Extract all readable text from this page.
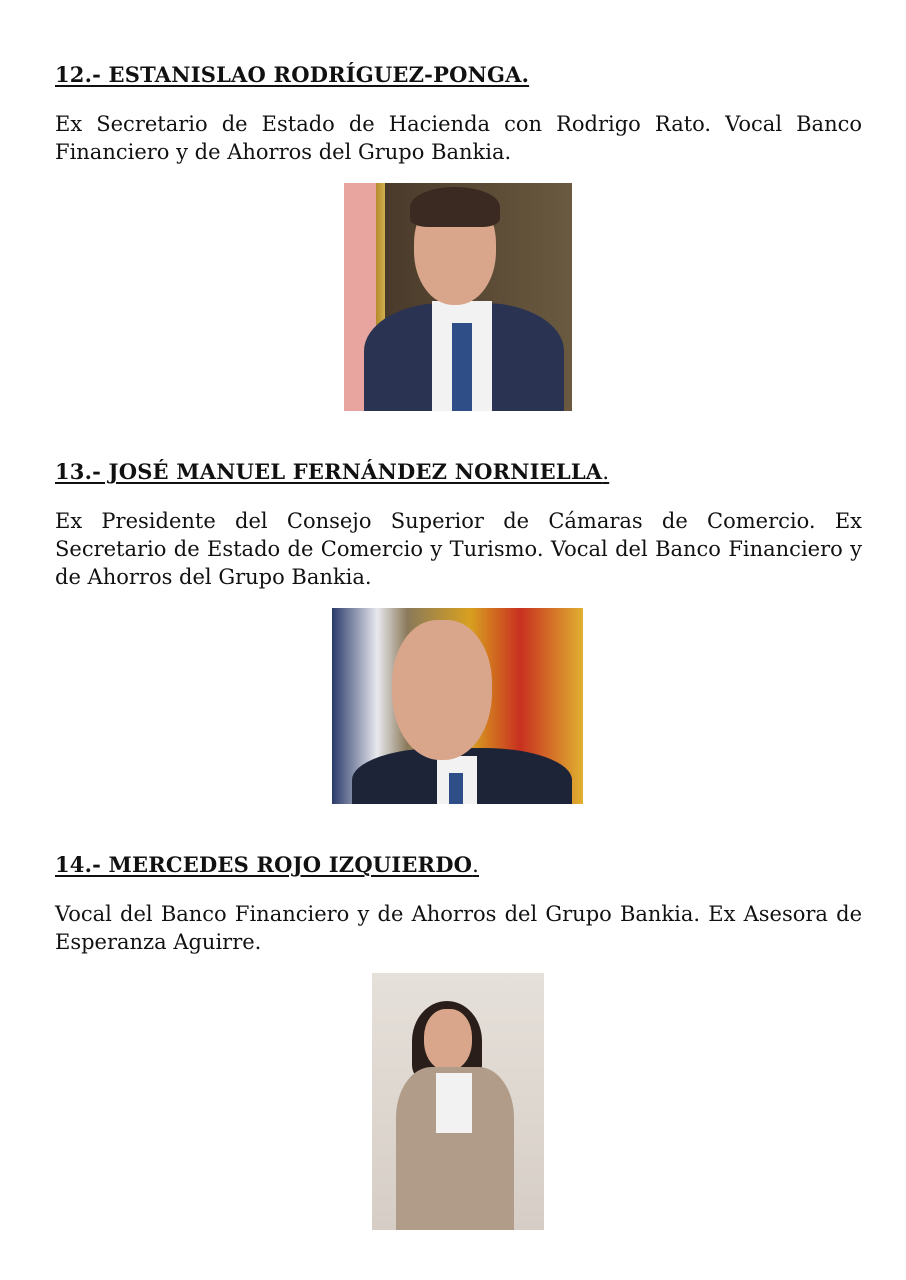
12.- ESTANISLAO RODRÍGUEZ-PONGA.
Ex Secretario de Estado de Hacienda con Rodrigo Rato. Vocal Banco Financiero y de Ahorros del Grupo Bankia.
13.- JOSÉ MANUEL FERNÁNDEZ NORNIELLA.
Ex Presidente del Consejo Superior de Cámaras de Comercio. Ex Secretario de Estado de Comercio y Turismo. Vocal del Banco Financiero y de Ahorros del Grupo Bankia.
14.- MERCEDES ROJO IZQUIERDO.
Vocal del Banco Financiero y de Ahorros del Grupo Bankia. Ex Asesora de Esperanza Aguirre.
